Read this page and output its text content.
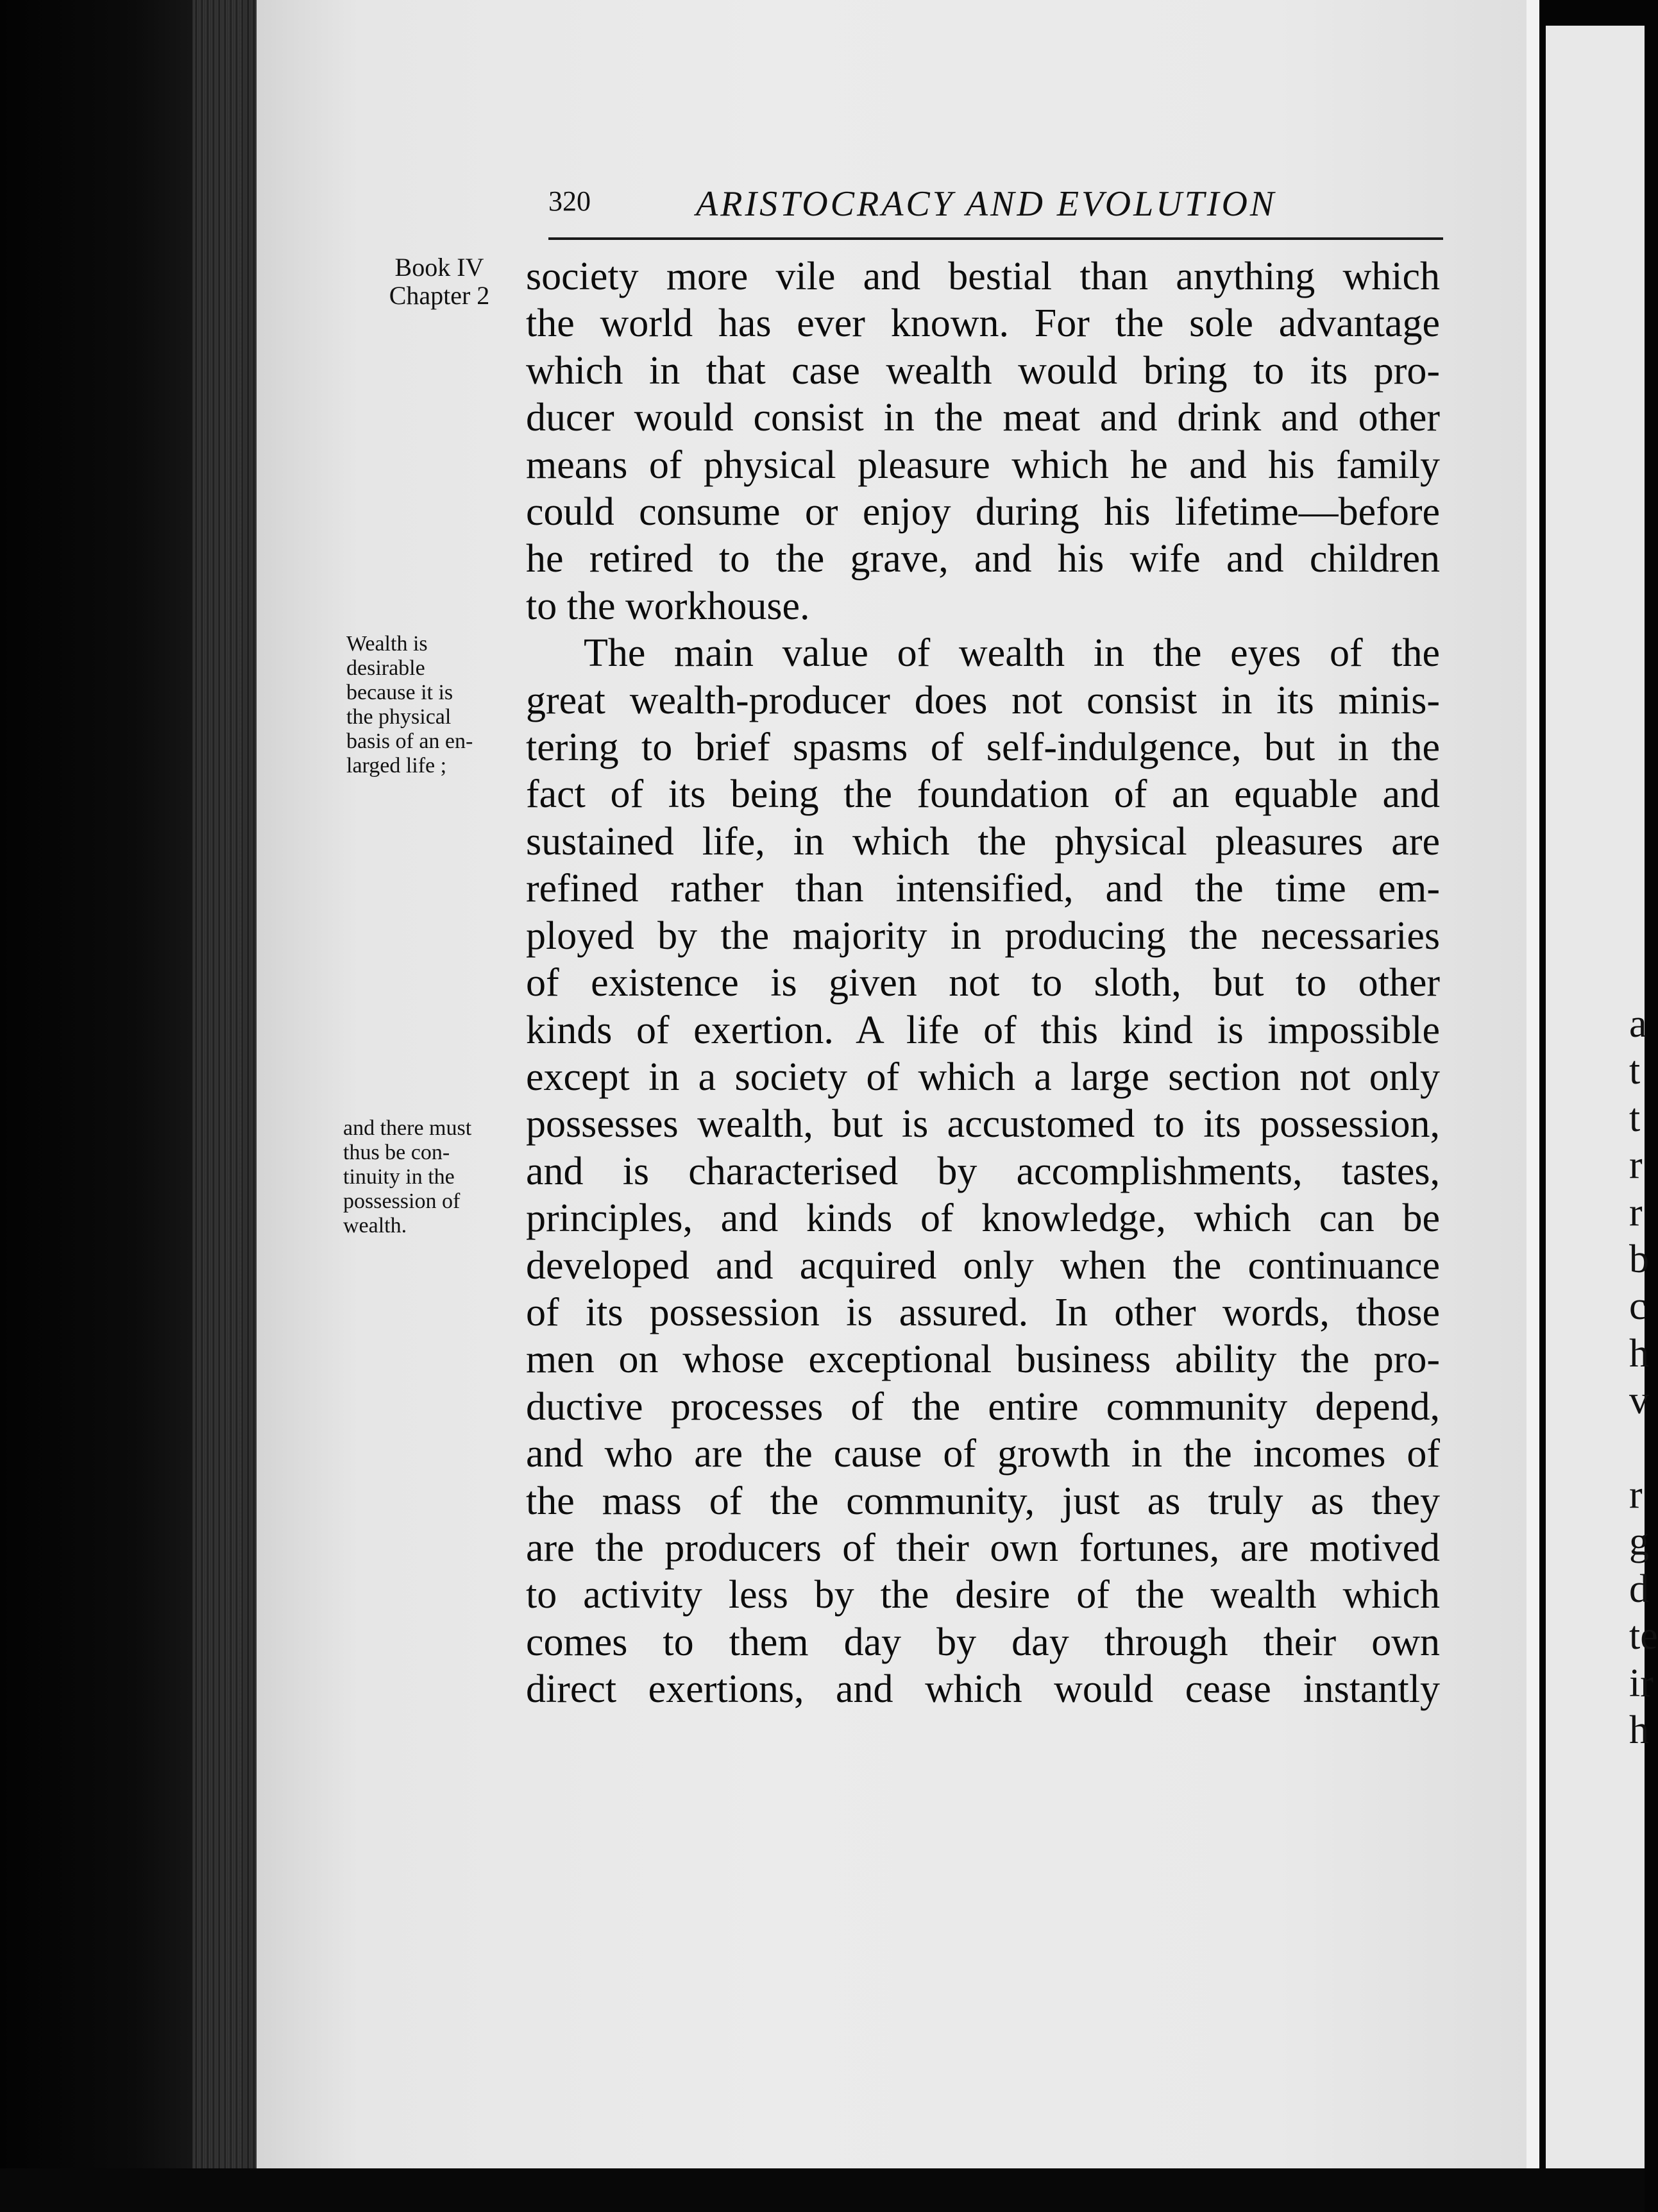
320	ARISTOCRACY AND EVOLUTION
Book IV
Chapter 2
Wealth is
desirable
because it is
the physical
basis of an en-
larged life ;
and there must
thus be con-
tinuity in the
possession of
wealth.
society more vile and bestial than anything which
the world has ever known. For the sole advantage
which in that case wealth would bring to its pro-
ducer would consist in the meat and drink and other
means of physical pleasure which he and his family
could consume or enjoy during his lifetime—before
he retired to the grave, and his wife and children
to the workhouse.
The main value of wealth in the eyes of the
great wealth-producer does not consist in its minis-
tering to brief spasms of self-indulgence, but in the
fact of its being the foundation of an equable and
sustained life, in which the physical pleasures are
refined rather than intensified, and the time em-
ployed by the majority in producing the necessaries
of existence is given not to sloth, but to other
kinds of exertion. A life of this kind is impossible
except in a society of which a large section not only
possesses wealth, but is accustomed to its possession,
and is characterised by accomplishments, tastes,
principles, and kinds of knowledge, which can be
developed and acquired only when the continuance
of its possession is assured. In other words, those
men on whose exceptional business ability the pro-
ductive processes of the entire community depend,
and who are the cause of growth in the incomes of
the mass of the community, just as truly as they
are the producers of their own fortunes, are motived
to activity less by the desire of the wealth which
comes to them day by day through their own
direct exertions, and which would cease instantly
a
t
t
r
r
b
c
h
v

r
g
d
te
ir
h
